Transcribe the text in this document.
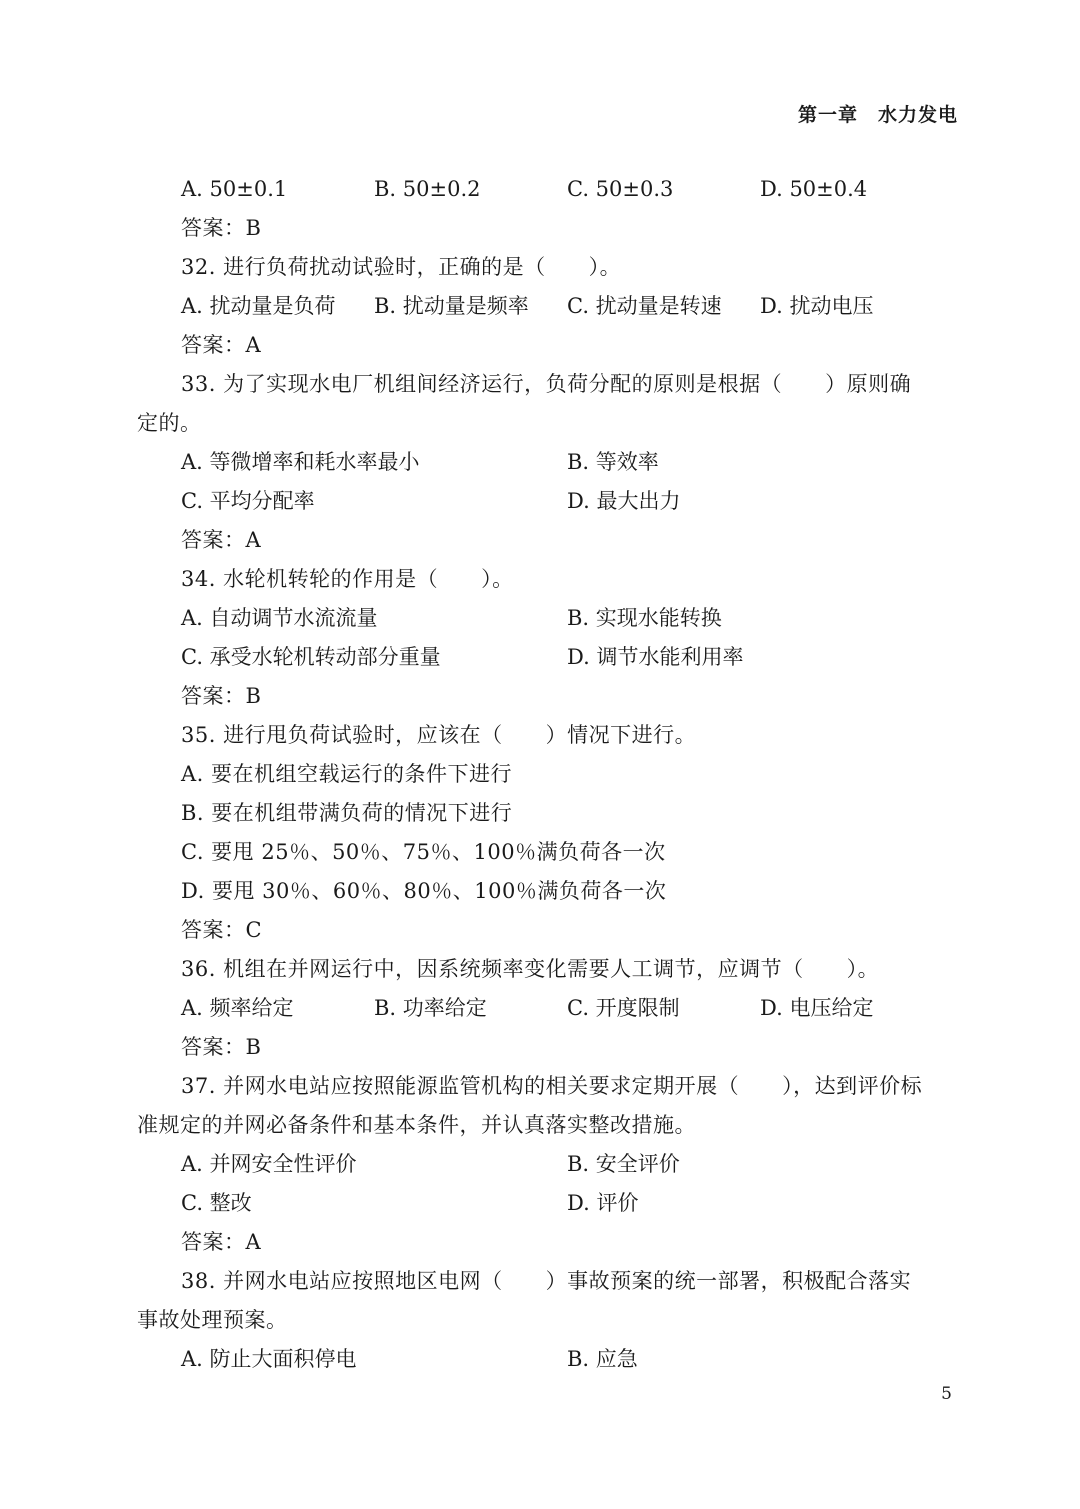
第一章　水力发电
A. 50±0.1	B. 50±0.2	C. 50±0.3	D. 50±0.4
答案：B
32. 进行负荷扰动试验时，正确的是（　　）。
A. 扰动量是负荷	B. 扰动量是频率	C. 扰动量是转速	D. 扰动电压
答案：A
33. 为了实现水电厂机组间经济运行，负荷分配的原则是根据（　　）原则确
定的。
A. 等微增率和耗水率最小	B. 等效率
C. 平均分配率	D. 最大出力
答案：A
34. 水轮机转轮的作用是（　　）。
A. 自动调节水流流量	B. 实现水能转换
C. 承受水轮机转动部分重量	D. 调节水能利用率
答案：B
35. 进行甩负荷试验时，应该在（　　）情况下进行。
A. 要在机组空载运行的条件下进行
B. 要在机组带满负荷的情况下进行
C. 要甩 25％、50％、75％、100％满负荷各一次
D. 要甩 30％、60％、80％、100％满负荷各一次
答案：C
36. 机组在并网运行中，因系统频率变化需要人工调节，应调节（　　）。
A. 频率给定	B. 功率给定	C. 开度限制	D. 电压给定
答案：B
37. 并网水电站应按照能源监管机构的相关要求定期开展（　　），达到评价标
准规定的并网必备条件和基本条件，并认真落实整改措施。
A. 并网安全性评价	B. 安全评价
C. 整改	D. 评价
答案：A
38. 并网水电站应按照地区电网（　　）事故预案的统一部署，积极配合落实
事故处理预案。
A. 防止大面积停电	B. 应急
5
